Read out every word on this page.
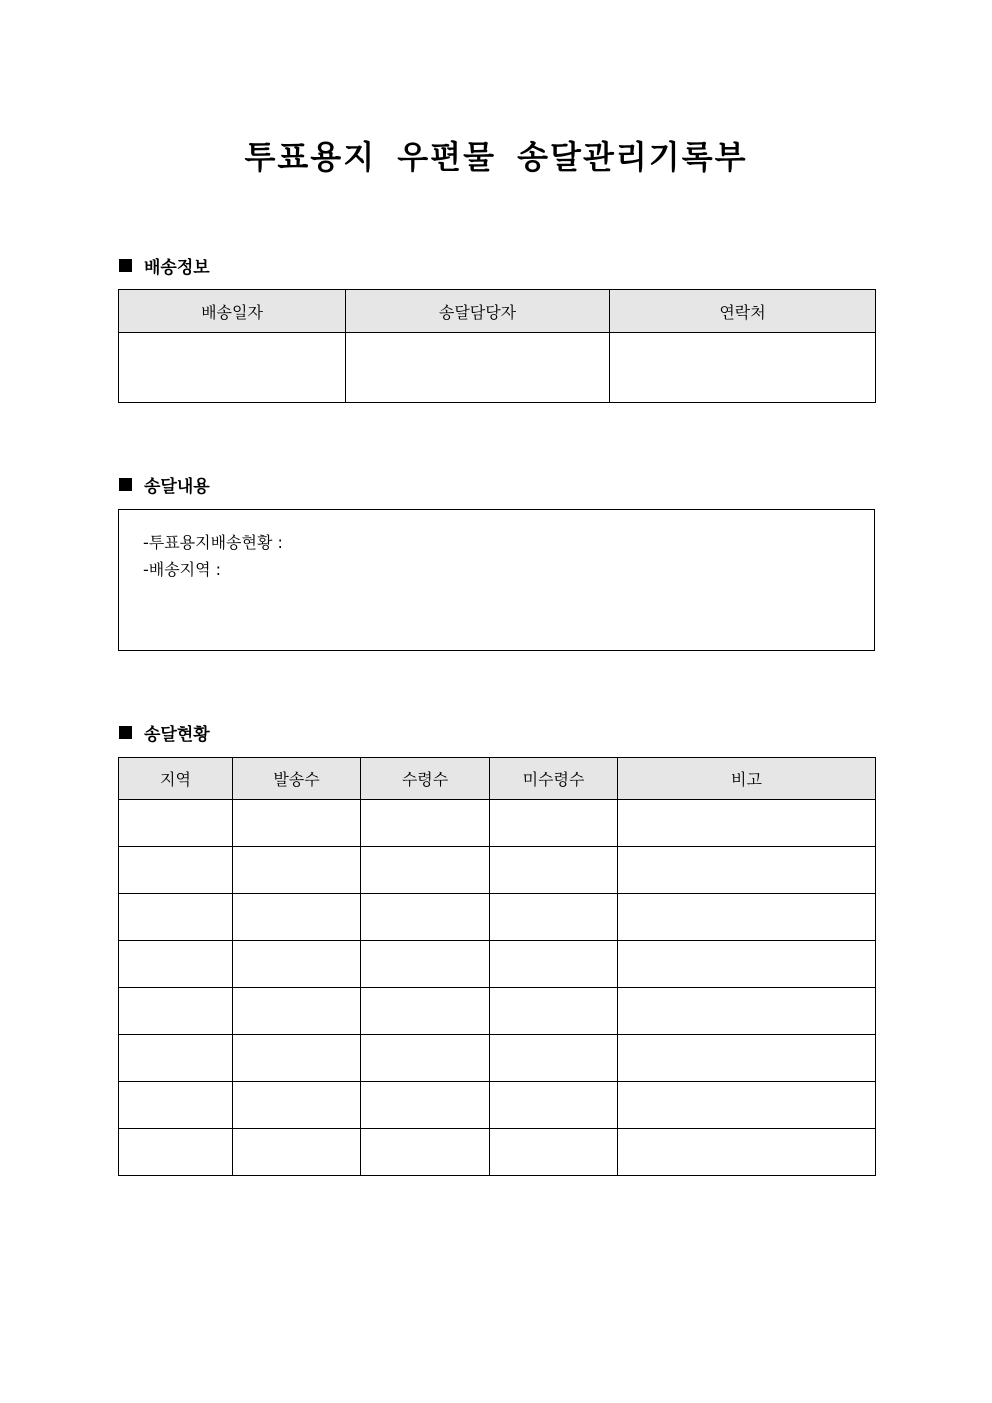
투표용지 우편물 송달관리기록부
배송정보
배송일자	송달담당자	연락처

송달내용
-투표용지배송현황 :
-배송지역 :
송달현황
지역	발송수	수령수	미수령수	비고
